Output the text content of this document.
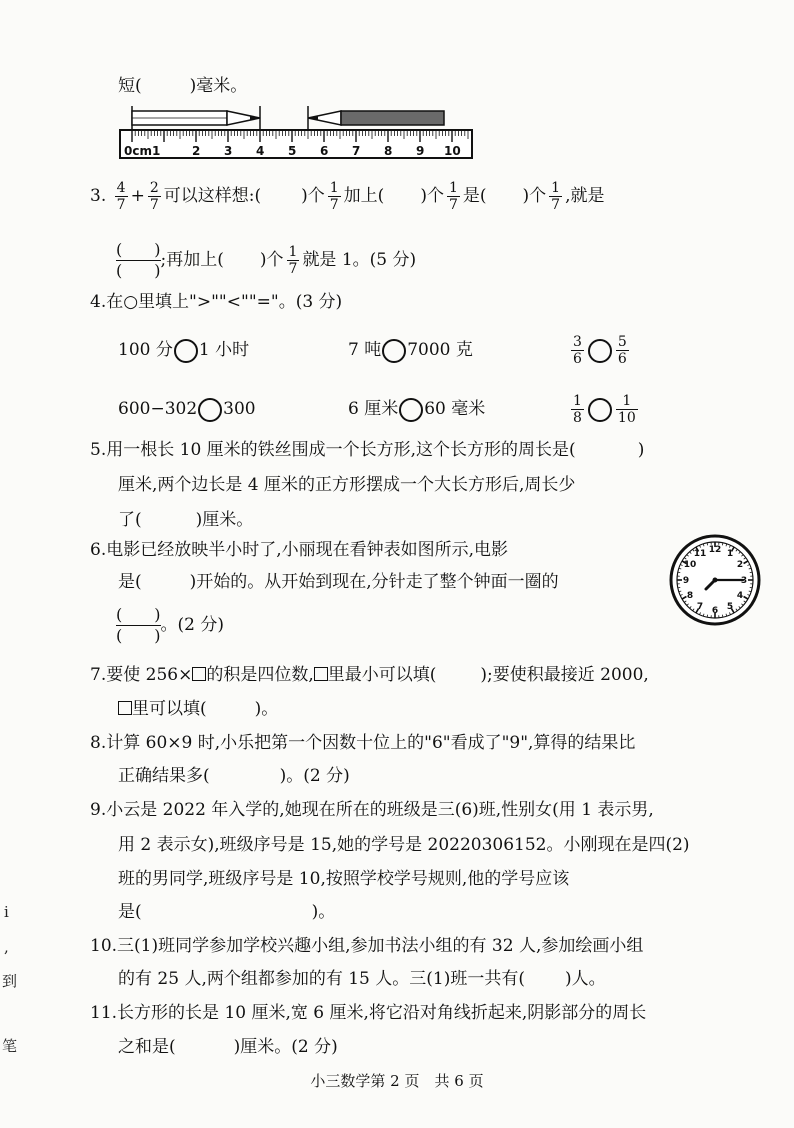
短(	)毫米。
0cm1	2 3 4 5 6 7 8 9 10
3. $\frac{4}{7} + \frac{2}{7}$ 可以这样想:( )个 $\frac{1}{7}$ 加上( )个 $\frac{1}{7}$ 是( )个 $\frac{1}{7}$ ,就是
$\frac{( )}{( )}$ ;再加上( )个 $\frac{1}{7}$ 就是 1。(5 分)
4.在○里填上">""<""="。(3 分)
100 分 1 小时	7 吨 7000 克	$\frac{3}{6} \frac{5}{6}$
600−302 300	6 厘米 60 毫米	$\frac{1}{8} \frac{1}{10}$
5.用一根长 10 厘米的铁丝围成一个长方形,这个长方形的周长是(	)
厘米,两个边长是 4 厘米的正方形摆成一个大长方形后,周长少
了(	)厘米。
6.电影已经放映半小时了,小丽现在看钟表如图所示,电影
是(	)开始的。从开始到现在,分针走了整个钟面一圈的
$\frac{( )}{( )}$ 。(2 分)
12 1
2
3
4
5
6
7
8
9
10
11
7.要使 256× 的积是四位数, 里最小可以填(	);要使积最接近 2000,
里可以填(	)。
8.计算 60×9 时,小乐把第一个因数十位上的"6"看成了"9",算得的结果比
正确结果多(	)。(2 分)
9.小云是 2022 年入学的,她现在所在的班级是三(6)班,性别女(用 1 表示男,
用 2 表示女),班级序号是 15,她的学号是 20220306152。小刚现在是四(2)
班的男同学,班级序号是 10,按照学校学号规则,他的学号应该
是(	)。
10.三(1)班同学参加学校兴趣小组,参加书法小组的有 32 人,参加绘画小组
的有 25 人,两个组都参加的有 15 人。三(1)班一共有( )人。
11.长方形的长是 10 厘米,宽 6 厘米,将它沿对角线折起来,阴影部分的周长
之和是(	)厘米。(2 分)
小三数学第 2 页　共 6 页
i
,
到
笔
